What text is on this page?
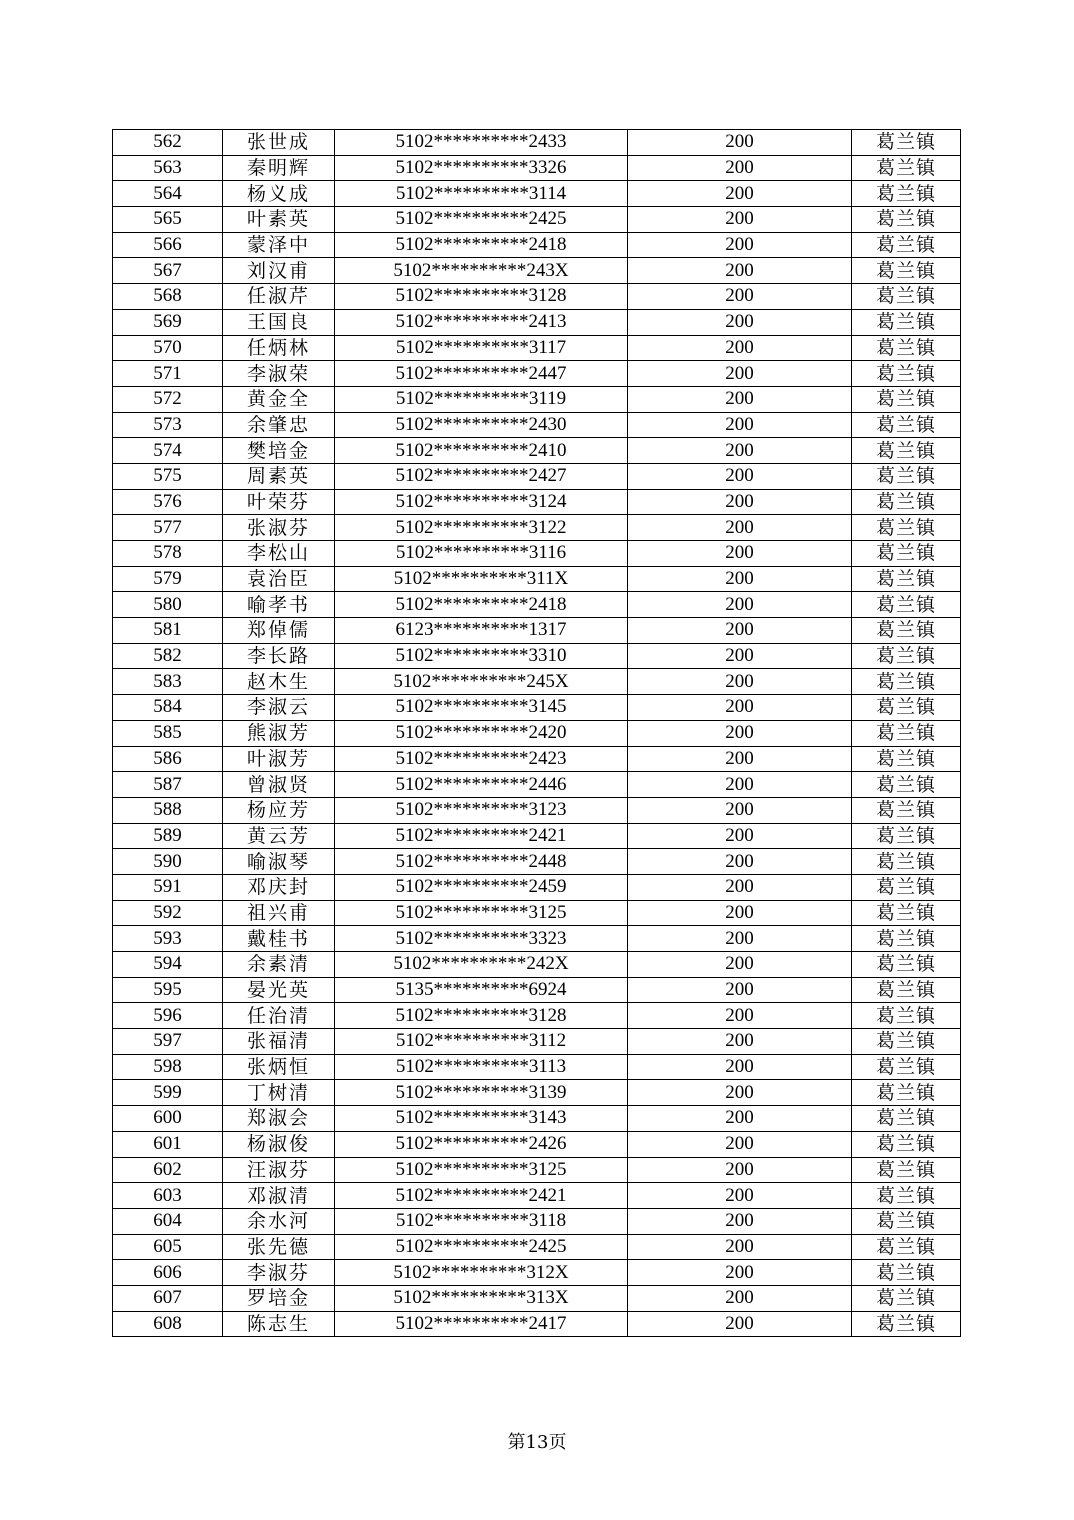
562	张世成	5102**********2433	200	葛兰镇
563	秦明辉	5102**********3326	200	葛兰镇
564	杨义成	5102**********3114	200	葛兰镇
565	叶素英	5102**********2425	200	葛兰镇
566	蒙泽中	5102**********2418	200	葛兰镇
567	刘汉甫	5102**********243X	200	葛兰镇
568	任淑芹	5102**********3128	200	葛兰镇
569	王国良	5102**********2413	200	葛兰镇
570	任炳林	5102**********3117	200	葛兰镇
571	李淑荣	5102**********2447	200	葛兰镇
572	黄金全	5102**********3119	200	葛兰镇
573	余肇忠	5102**********2430	200	葛兰镇
574	樊培金	5102**********2410	200	葛兰镇
575	周素英	5102**********2427	200	葛兰镇
576	叶荣芬	5102**********3124	200	葛兰镇
577	张淑芬	5102**********3122	200	葛兰镇
578	李松山	5102**********3116	200	葛兰镇
579	袁治臣	5102**********311X	200	葛兰镇
580	喻孝书	5102**********2418	200	葛兰镇
581	郑倬儒	6123**********1317	200	葛兰镇
582	李长路	5102**********3310	200	葛兰镇
583	赵木生	5102**********245X	200	葛兰镇
584	李淑云	5102**********3145	200	葛兰镇
585	熊淑芳	5102**********2420	200	葛兰镇
586	叶淑芳	5102**********2423	200	葛兰镇
587	曾淑贤	5102**********2446	200	葛兰镇
588	杨应芳	5102**********3123	200	葛兰镇
589	黄云芳	5102**********2421	200	葛兰镇
590	喻淑琴	5102**********2448	200	葛兰镇
591	邓庆封	5102**********2459	200	葛兰镇
592	祖兴甫	5102**********3125	200	葛兰镇
593	戴桂书	5102**********3323	200	葛兰镇
594	余素清	5102**********242X	200	葛兰镇
595	晏光英	5135**********6924	200	葛兰镇
596	任治清	5102**********3128	200	葛兰镇
597	张福清	5102**********3112	200	葛兰镇
598	张炳恒	5102**********3113	200	葛兰镇
599	丁树清	5102**********3139	200	葛兰镇
600	郑淑会	5102**********3143	200	葛兰镇
601	杨淑俊	5102**********2426	200	葛兰镇
602	汪淑芬	5102**********3125	200	葛兰镇
603	邓淑清	5102**********2421	200	葛兰镇
604	余水河	5102**********3118	200	葛兰镇
605	张先德	5102**********2425	200	葛兰镇
606	李淑芬	5102**********312X	200	葛兰镇
607	罗培金	5102**********313X	200	葛兰镇
608	陈志生	5102**********2417	200	葛兰镇
第13页
